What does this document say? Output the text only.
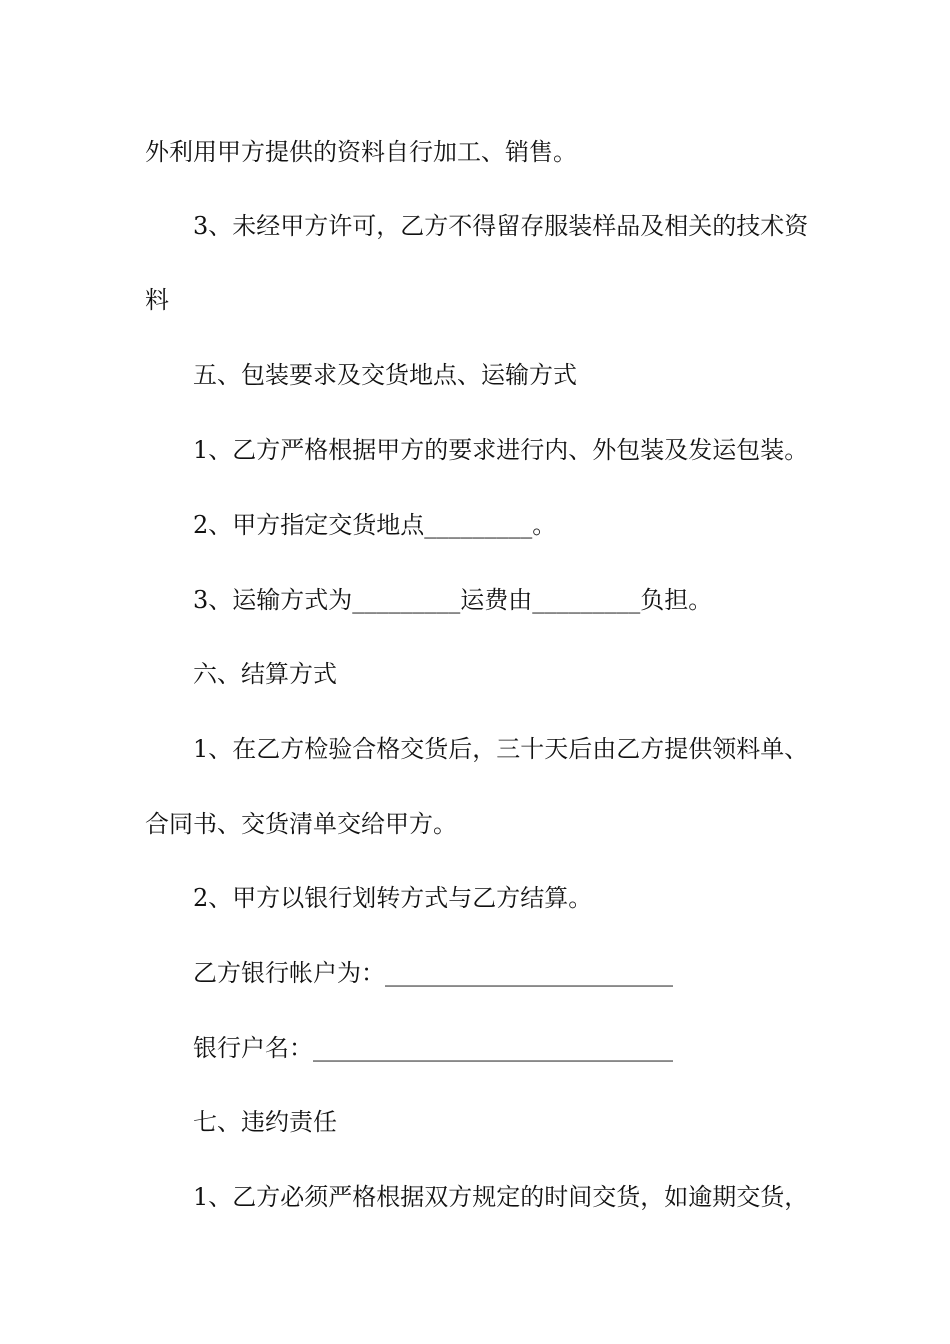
外利用甲方提供的资料自行加工、销售。
3、未经甲方许可，乙方不得留存服装样品及相关的技术资
料
五、包装要求及交货地点、运输方式
1、乙方严格根据甲方的要求进行内、外包装及发运包装。
2、甲方指定交货地点_________。
3、运输方式为_________运费由_________负担。
六、结算方式
1、在乙方检验合格交货后，三十天后由乙方提供领料单、
合同书、交货清单交给甲方。
2、甲方以银行划转方式与乙方结算。
乙方银行帐户为：________________________
银行户名：______________________________
七、违约责任
1、乙方必须严格根据双方规定的时间交货，如逾期交货，
